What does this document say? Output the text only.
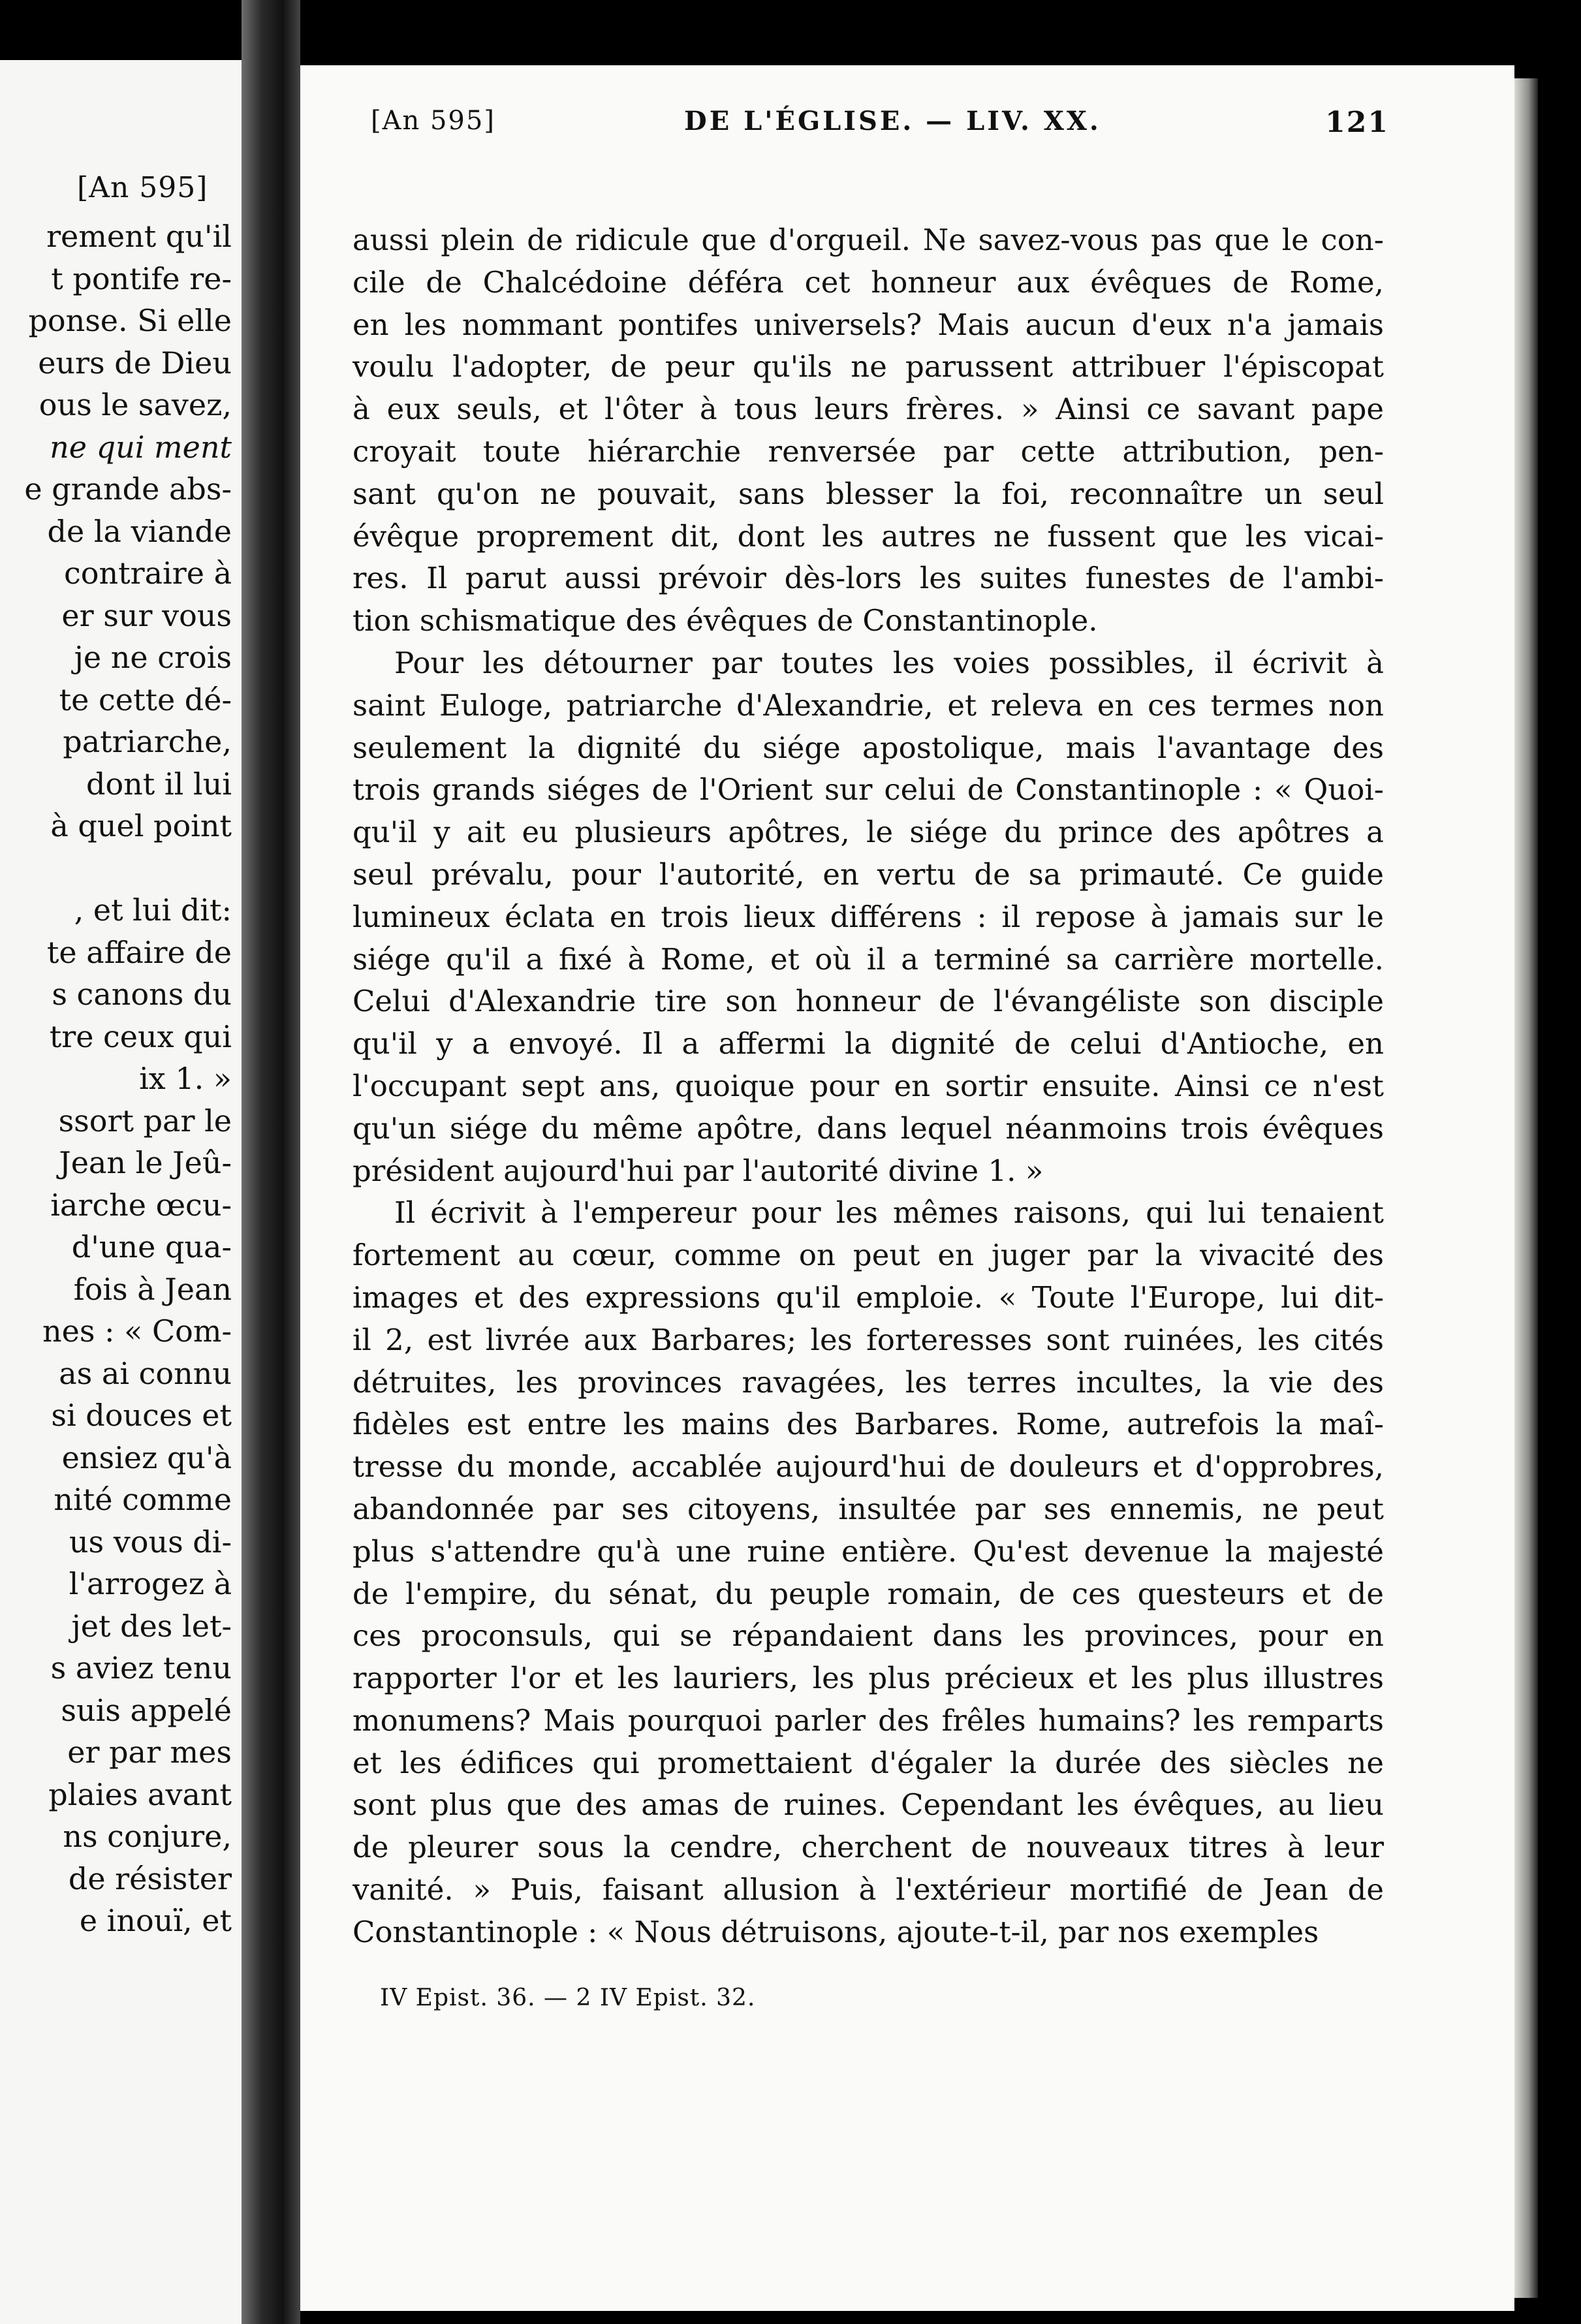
[An 595]
rement qu'il
t pontife re-
ponse. Si elle
eurs de Dieu
ous le savez,
ne qui ment
e grande abs-
de la viande
contraire à
er sur vous
je ne crois
te cette dé-
patriarche,
dont il lui
à quel point
, et lui dit:
te affaire de
s canons du
tre ceux qui
ix 1. »
ssort par le
Jean le Jeû-
iarche œcu-
d'une qua-
fois à Jean
nes : « Com-
as ai connu
si douces et
ensiez qu'à
nité comme
us vous di-
l'arrogez à
jet des let-
s aviez tenu
suis appelé
er par mes
plaies avant
ns conjure,
de résister
e inouï, et
[An 595]	DE L'ÉGLISE. — LIV. XX.	121
aussi plein de ridicule que d'orgueil. Ne savez-vous pas que le con-
cile de Chalcédoine déféra cet honneur aux évêques de Rome,
en les nommant pontifes universels? Mais aucun d'eux n'a jamais
voulu l'adopter, de peur qu'ils ne parussent attribuer l'épiscopat
à eux seuls, et l'ôter à tous leurs frères. » Ainsi ce savant pape
croyait toute hiérarchie renversée par cette attribution, pen-
sant qu'on ne pouvait, sans blesser la foi, reconnaître un seul
évêque proprement dit, dont les autres ne fussent que les vicai-
res. Il parut aussi prévoir dès-lors les suites funestes de l'ambi-
tion schismatique des évêques de Constantinople.
Pour les détourner par toutes les voies possibles, il écrivit à
saint Euloge, patriarche d'Alexandrie, et releva en ces termes non
seulement la dignité du siége apostolique, mais l'avantage des
trois grands siéges de l'Orient sur celui de Constantinople : « Quoi-
qu'il y ait eu plusieurs apôtres, le siége du prince des apôtres a
seul prévalu, pour l'autorité, en vertu de sa primauté. Ce guide
lumineux éclata en trois lieux différens : il repose à jamais sur le
siége qu'il a fixé à Rome, et où il a terminé sa carrière mortelle.
Celui d'Alexandrie tire son honneur de l'évangéliste son disciple
qu'il y a envoyé. Il a affermi la dignité de celui d'Antioche, en
l'occupant sept ans, quoique pour en sortir ensuite. Ainsi ce n'est
qu'un siége du même apôtre, dans lequel néanmoins trois évêques
président aujourd'hui par l'autorité divine 1. »
Il écrivit à l'empereur pour les mêmes raisons, qui lui tenaient
fortement au cœur, comme on peut en juger par la vivacité des
images et des expressions qu'il emploie. « Toute l'Europe, lui dit-
il 2, est livrée aux Barbares; les forteresses sont ruinées, les cités
détruites, les provinces ravagées, les terres incultes, la vie des
fidèles est entre les mains des Barbares. Rome, autrefois la maî-
tresse du monde, accablée aujourd'hui de douleurs et d'opprobres,
abandonnée par ses citoyens, insultée par ses ennemis, ne peut
plus s'attendre qu'à une ruine entière. Qu'est devenue la majesté
de l'empire, du sénat, du peuple romain, de ces questeurs et de
ces proconsuls, qui se répandaient dans les provinces, pour en
rapporter l'or et les lauriers, les plus précieux et les plus illustres
monumens? Mais pourquoi parler des frêles humains? les remparts
et les édifices qui promettaient d'égaler la durée des siècles ne
sont plus que des amas de ruines. Cependant les évêques, au lieu
de pleurer sous la cendre, cherchent de nouveaux titres à leur
vanité. » Puis, faisant allusion à l'extérieur mortifié de Jean de
Constantinople : « Nous détruisons, ajoute-t-il, par nos exemples
IV Epist. 36. — 2 IV Epist. 32.
